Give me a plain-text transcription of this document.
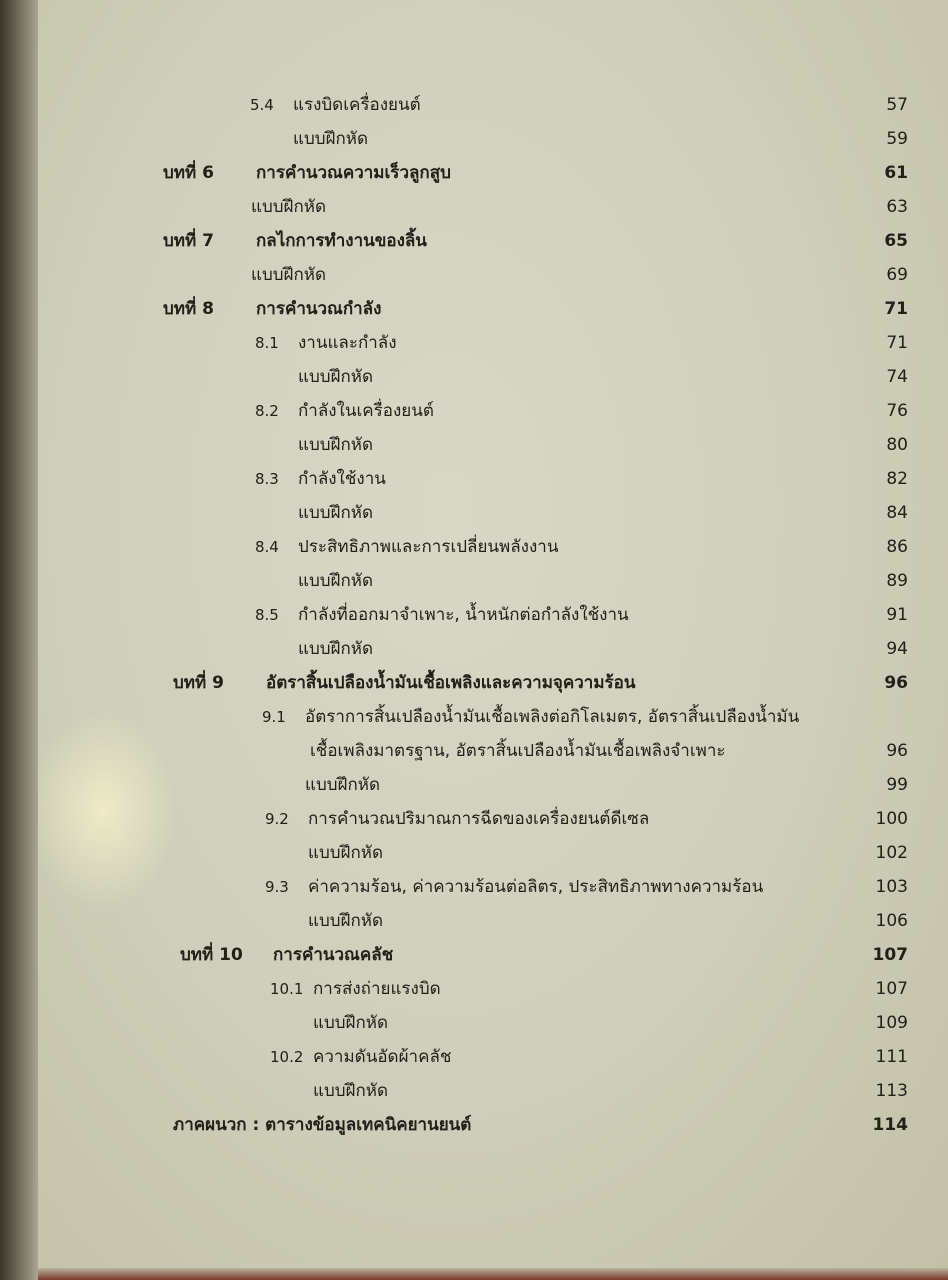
5.4 แรงบิดเครื่องยนต์	57
แบบฝึกหัด	59
บทที่ 6 การคำนวณความเร็วลูกสูบ	61
แบบฝึกหัด	63
บทที่ 7 กลไกการทำงานของลิ้น	65
แบบฝึกหัด	69
บทที่ 8 การคำนวณกำลัง	71
8.1 งานและกำลัง	71
แบบฝึกหัด	74
8.2 กำลังในเครื่องยนต์	76
แบบฝึกหัด	80
8.3 กำลังใช้งาน	82
แบบฝึกหัด	84
8.4 ประสิทธิภาพและการเปลี่ยนพลังงาน	86
แบบฝึกหัด	89
8.5 กำลังที่ออกมาจำเพาะ, น้ำหนักต่อกำลังใช้งาน	91
แบบฝึกหัด	94
บทที่ 9 อัตราสิ้นเปลืองน้ำมันเชื้อเพลิงและความจุความร้อน	96
9.1 อัตราการสิ้นเปลืองน้ำมันเชื้อเพลิงต่อกิโลเมตร, อัตราสิ้นเปลืองน้ำมัน
เชื้อเพลิงมาตรฐาน, อัตราสิ้นเปลืองน้ำมันเชื้อเพลิงจำเพาะ	96
แบบฝึกหัด	99
9.2 การคำนวณปริมาณการฉีดของเครื่องยนต์ดีเซล	100
แบบฝึกหัด	102
9.3 ค่าความร้อน, ค่าความร้อนต่อลิตร, ประสิทธิภาพทางความร้อน	103
แบบฝึกหัด	106
บทที่ 10 การคำนวณคลัช	107
10.1 การส่งถ่ายแรงบิด	107
แบบฝึกหัด	109
10.2 ความดันอัดผ้าคลัช	111
แบบฝึกหัด	113
ภาคผนวก : ตารางข้อมูลเทคนิคยานยนต์	114
